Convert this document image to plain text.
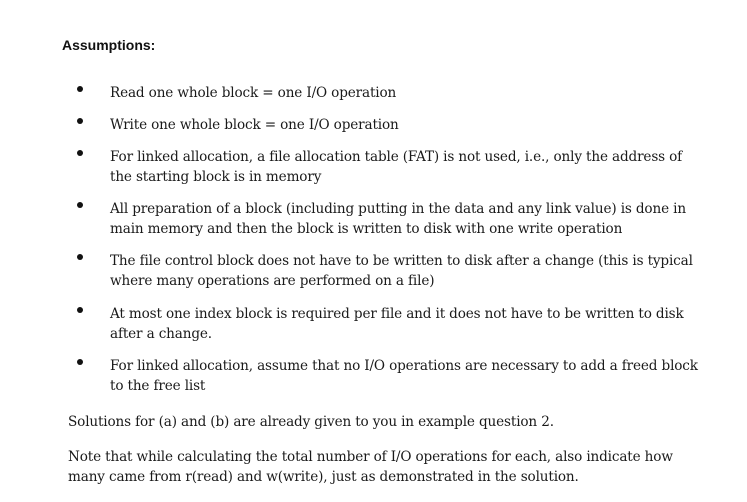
Assumptions:
Read one whole block = one I/O operation
Write one whole block = one I/O operation
For linked allocation, a file allocation table (FAT) is not used, i.e., only the address of the starting block is in memory
All preparation of a block (including putting in the data and any link value) is done in main memory and then the block is written to disk with one write operation
The file control block does not have to be written to disk after a change (this is typical where many operations are performed on a file)
At most one index block is required per file and it does not have to be written to disk after a change.
For linked allocation, assume that no I/O operations are necessary to add a freed block to the free list
Solutions for (a) and (b) are already given to you in example question 2.
Note that while calculating the total number of I/O operations for each, also indicate how many came from r(read) and w(write), just as demonstrated in the solution.
